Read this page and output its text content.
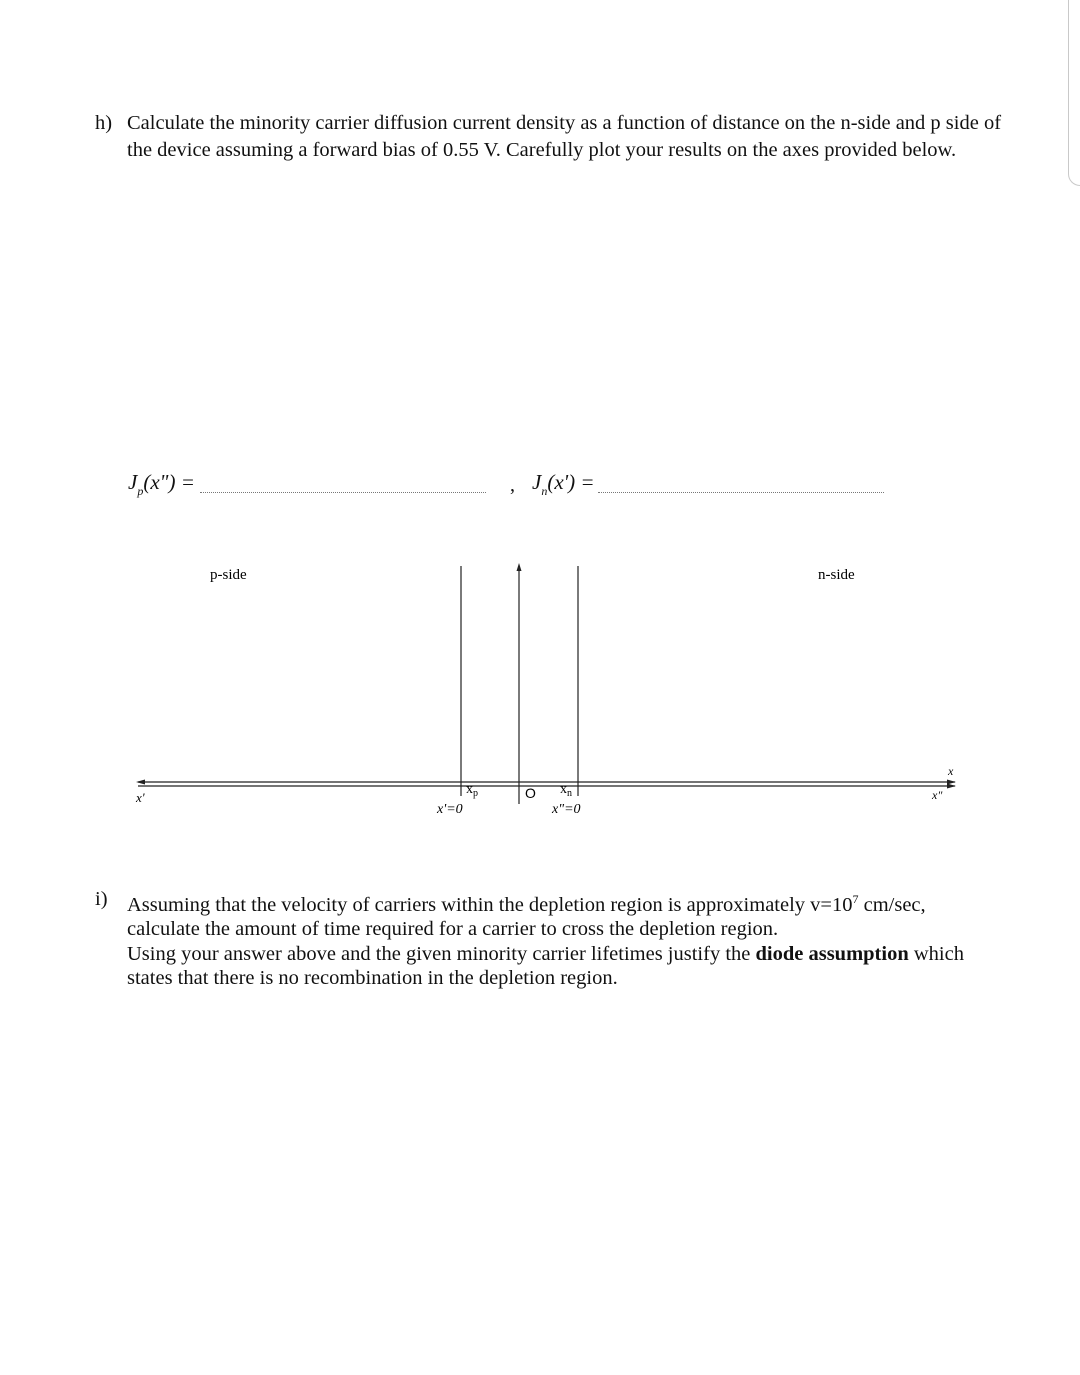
h) Calculate the minority carrier diffusion current density as a function of distance on the n-side and p side of the device assuming a forward bias of 0.55 V. Carefully plot your results on the axes provided below.
$J_p(x")$ =	, $J_n(x')$ =
p-side	n-side
$x_p$	O $x_n$
x'=0	x"=0
x'
x
x"
i) Assuming that the velocity of carriers within the depletion region is approximately $v=10^7$ cm/sec,

calculate the amount of time required for a carrier to cross the depletion region.

Using your answer above and the given minority carrier lifetimes justify the diode assumption which

states that there is no recombination in the depletion region.
